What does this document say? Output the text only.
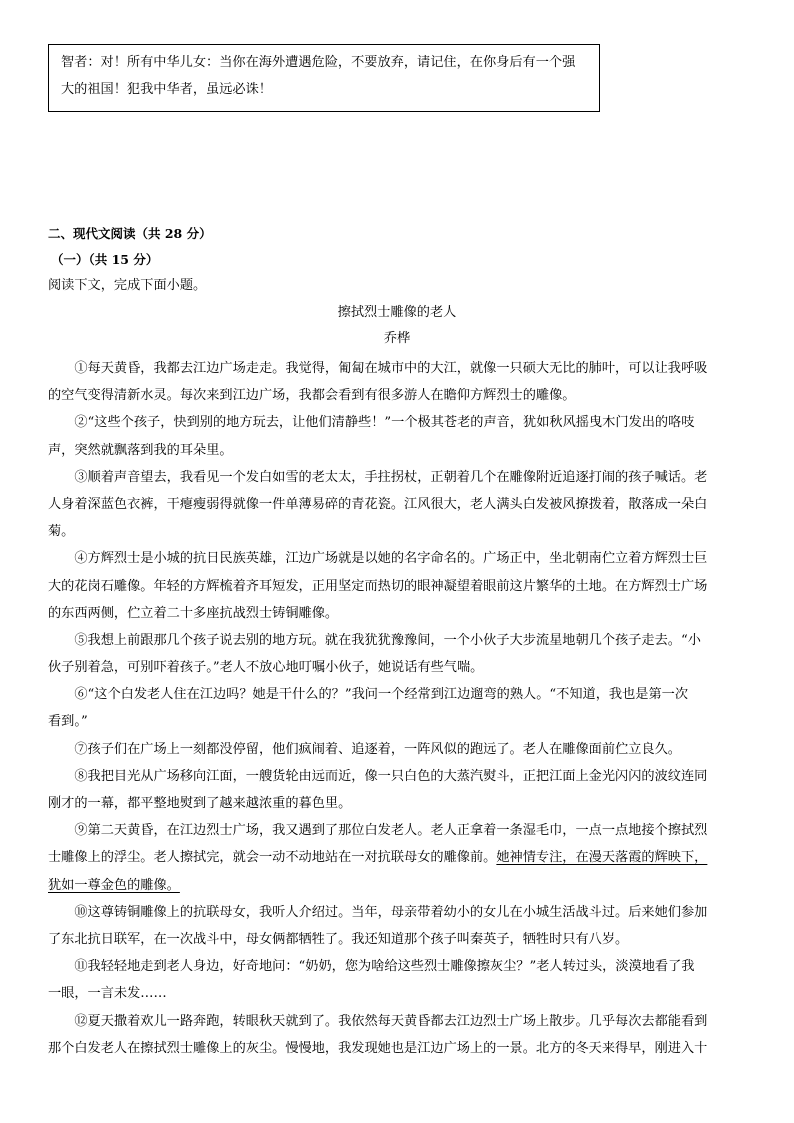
智者：对！所有中华儿女：当你在海外遭遇危险，不要放弃，请记住，在你身后有一个强
大的祖国！犯我中华者，虽远必诛！
二、现代文阅读（共 28 分）
（一）（共 15 分）
阅读下文，完成下面小题。
擦拭烈士雕像的老人
乔桦
　　①每天黄昏，我都去江边广场走走。我觉得，匍匐在城市中的大江，就像一只硕大无比的肺叶，可以让我呼吸
的空气变得清新水灵。每次来到江边广场，我都会看到有很多游人在瞻仰方辉烈士的雕像。
　　②“这些个孩子，快到别的地方玩去，让他们清静些！”一个极其苍老的声音，犹如秋风摇曳木门发出的咯吱
声，突然就飘落到我的耳朵里。
　　③顺着声音望去，我看见一个发白如雪的老太太，手拄拐杖，正朝着几个在雕像附近追逐打闹的孩子喊话。老
人身着深蓝色衣裤，干瘪瘦弱得就像一件单薄易碎的青花瓷。江风很大，老人满头白发被风撩拨着，散落成一朵白
菊。
　　④方辉烈士是小城的抗日民族英雄，江边广场就是以她的名字命名的。广场正中，坐北朝南伫立着方辉烈士巨
大的花岗石雕像。年轻的方辉梳着齐耳短发，正用坚定而热切的眼神凝望着眼前这片繁华的土地。在方辉烈士广场
的东西两侧，伫立着二十多座抗战烈士铸铜雕像。
　　⑤我想上前跟那几个孩子说去别的地方玩。就在我犹犹豫豫间，一个小伙子大步流星地朝几个孩子走去。“小
伙子别着急，可别吓着孩子。”老人不放心地叮嘱小伙子，她说话有些气喘。
　　⑥“这个白发老人住在江边吗？她是干什么的？”我问一个经常到江边遛弯的熟人。“不知道，我也是第一次
看到。”
　　⑦孩子们在广场上一刻都没停留，他们疯闹着、追逐着，一阵风似的跑远了。老人在雕像面前伫立良久。
　　⑧我把目光从广场移向江面，一艘货轮由远而近，像一只白色的大蒸汽熨斗，正把江面上金光闪闪的波纹连同
刚才的一幕，都平整地熨到了越来越浓重的暮色里。
　　⑨第二天黄昏，在江边烈士广场，我又遇到了那位白发老人。老人正拿着一条湿毛巾，一点一点地接个擦拭烈
士雕像上的浮尘。老人擦拭完，就会一动不动地站在一对抗联母女的雕像前。她神情专注，在漫天落霞的辉映下，
犹如一尊金色的雕像。
　　⑩这尊铸铜雕像上的抗联母女，我听人介绍过。当年，母亲带着幼小的女儿在小城生活战斗过。后来她们参加
了东北抗日联军，在一次战斗中，母女俩都牺牲了。我还知道那个孩子叫秦英子，牺牲时只有八岁。
　　⑪我轻轻地走到老人身边，好奇地问：“奶奶，您为啥给这些烈士雕像擦灰尘？”老人转过头，淡漠地看了我
一眼，一言未发……
　　⑫夏天撒着欢儿一路奔跑，转眼秋天就到了。我依然每天黄昏都去江边烈士广场上散步。几乎每次去都能看到
那个白发老人在擦拭烈士雕像上的灰尘。慢慢地，我发现她也是江边广场上的一景。北方的冬天来得早，刚进入十
